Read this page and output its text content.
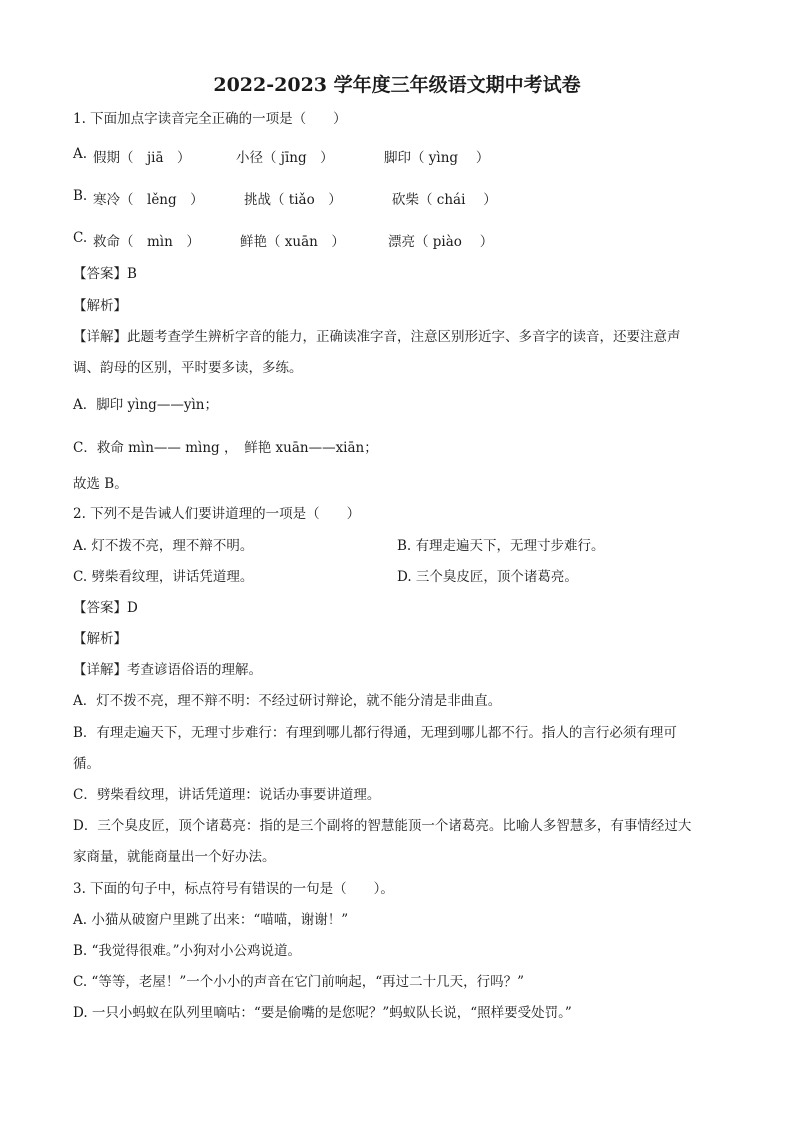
2022-2023 学年度三年级语文期中考试卷
1. 下面加点字读音完全正确的一项是（　　）
A. 假期（　jiā　）	小径（ jīng　）	脚印（ yìng　 ）
B. 寒冷（　lěng　）	挑战（ tiǎo　）	砍柴（ chái　 ）
C. 救命（　mìn　）	鲜艳（ xuān　）	漂亮（ piào　 ）
【答案】B
【解析】
【详解】此题考查学生辨析字音的能力，正确读准字音，注意区别形近字、多音字的读音，还要注意声
调、韵母的区别，平时要多读，多练。
A．脚印 yìng——yìn；
C．救命 mìn—— mìng ，　鲜艳 xuān——xiān；
故选 B。
2. 下列不是告诫人们要讲道理的一项是（　　）
A. 灯不拨不亮，理不辩不明。	B. 有理走遍天下，无理寸步难行。
C. 劈柴看纹理，讲话凭道理。	D. 三个臭皮匠，顶个诸葛亮。
【答案】D
【解析】
【详解】考查谚语俗语的理解。
A．灯不拨不亮，理不辩不明：不经过研讨辩论，就不能分清是非曲直。
B．有理走遍天下，无理寸步难行：有理到哪儿都行得通，无理到哪儿都不行。指人的言行必须有理可
循。
C．劈柴看纹理，讲话凭道理：说话办事要讲道理。
D．三个臭皮匠，顶个诸葛亮：指的是三个副将的智慧能顶一个诸葛亮。比喻人多智慧多，有事情经过大
家商量，就能商量出一个好办法。
3. 下面的句子中，标点符号有错误的一句是（　　）。
A. 小猫从破窗户里跳了出来：“喵喵，谢谢！”
B. “我觉得很难。”小狗对小公鸡说道。
C. “等等，老屋！”一个小小的声音在它门前响起，“再过二十几天，行吗？”
D. 一只小蚂蚁在队列里嘀咕：“要是偷嘴的是您呢？”蚂蚁队长说，“照样要受处罚。”
